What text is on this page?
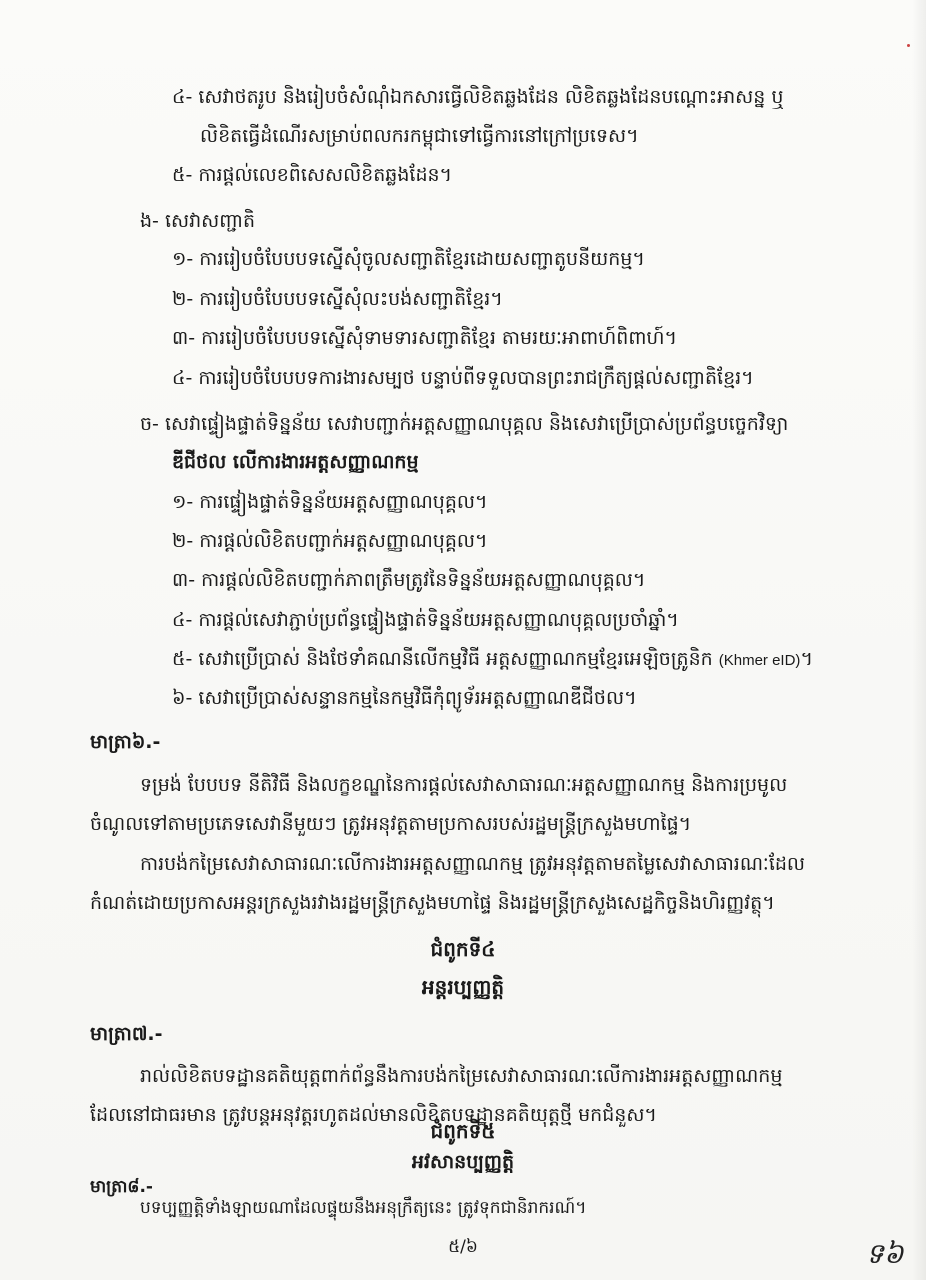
៤- សេវាថតរូប និងរៀបចំសំណុំឯកសារធ្វើលិខិតឆ្លងដែន លិខិតឆ្លងដែនបណ្ដោះអាសន្ន ឬ
លិខិតធ្វើដំណើរសម្រាប់ពលករកម្ពុជាទៅធ្វើការនៅក្រៅប្រទេស។
៥- ការផ្ដល់លេខពិសេសលិខិតឆ្លងដែន។
ង- សេវាសញ្ជាតិ
១- ការរៀបចំបែបបទស្នើសុំចូលសញ្ជាតិខ្មែរដោយសញ្ជាតូបនីយកម្ម។
២- ការរៀបចំបែបបទស្នើសុំលះបង់សញ្ជាតិខ្មែរ។
៣- ការរៀបចំបែបបទស្នើសុំទាមទារសញ្ជាតិខ្មែរ តាមរយៈអាពាហ៍ពិពាហ៍។
៤- ការរៀបចំបែបបទការងារសម្បថ បន្ទាប់ពីទទួលបានព្រះរាជក្រឹត្យផ្ដល់សញ្ជាតិខ្មែរ។
ច- សេវាផ្ទៀងផ្ទាត់ទិន្នន័យ សេវាបញ្ជាក់អត្តសញ្ញាណបុគ្គល និងសេវាប្រើប្រាស់ប្រព័ន្ធបច្ចេកវិទ្យា
ឌីជីថល លើការងារអត្តសញ្ញាណកម្ម
១- ការផ្ទៀងផ្ទាត់ទិន្នន័យអត្តសញ្ញាណបុគ្គល។
២- ការផ្ដល់លិខិតបញ្ជាក់អត្តសញ្ញាណបុគ្គល។
៣- ការផ្ដល់លិខិតបញ្ជាក់ភាពត្រឹមត្រូវនៃទិន្នន័យអត្តសញ្ញាណបុគ្គល។
៤- ការផ្ដល់សេវាភ្ជាប់ប្រព័ន្ធផ្ទៀងផ្ទាត់ទិន្នន័យអត្តសញ្ញាណបុគ្គលប្រចាំឆ្នាំ។
៥- សេវាប្រើប្រាស់ និងថែទាំគណនីលើកម្មវិធី អត្តសញ្ញាណកម្មខ្មែរអេឡិចត្រូនិក (Khmer eID)។
៦- សេវាប្រើប្រាស់សន្ទានកម្មនៃកម្មវិធីកុំព្យូទ័រអត្តសញ្ញាណឌីជីថល។
មាត្រា៦.-
ទម្រង់ បែបបទ នីតិវិធី និងលក្ខខណ្ឌនៃការផ្ដល់សេវាសាធារណៈអត្តសញ្ញាណកម្ម និងការប្រមូល
ចំណូលទៅតាមប្រភេទសេវានីមួយៗ ត្រូវអនុវត្តតាមប្រកាសរបស់រដ្ឋមន្ត្រីក្រសួងមហាផ្ទៃ។
ការបង់កម្រៃសេវាសាធារណៈលើការងារអត្តសញ្ញាណកម្ម ត្រូវអនុវត្តតាមតម្លៃសេវាសាធារណៈដែល
កំណត់ដោយប្រកាសអន្តរក្រសួងរវាងរដ្ឋមន្ត្រីក្រសួងមហាផ្ទៃ និងរដ្ឋមន្ត្រីក្រសួងសេដ្ឋកិច្ចនិងហិរញ្ញវត្ថុ។
ជំពូកទី៤
អន្តរប្បញ្ញត្តិ
មាត្រា៧.-
រាល់លិខិតបទដ្ឋានគតិយុត្តពាក់ព័ន្ធនឹងការបង់កម្រៃសេវាសាធារណៈលើការងារអត្តសញ្ញាណកម្ម
ដែលនៅជាធរមាន ត្រូវបន្តអនុវត្តរហូតដល់មានលិខិតបទដ្ឋានគតិយុត្តថ្មី មកជំនួស។
ជំពូកទី៥
អវសានប្បញ្ញត្តិ
៥/៦	ទ៦
មាត្រា៨.-
បទប្បញ្ញត្តិទាំងឡាយណាដែលផ្ទុយនឹងអនុក្រឹត្យនេះ ត្រូវទុកជានិរាករណ៍។
